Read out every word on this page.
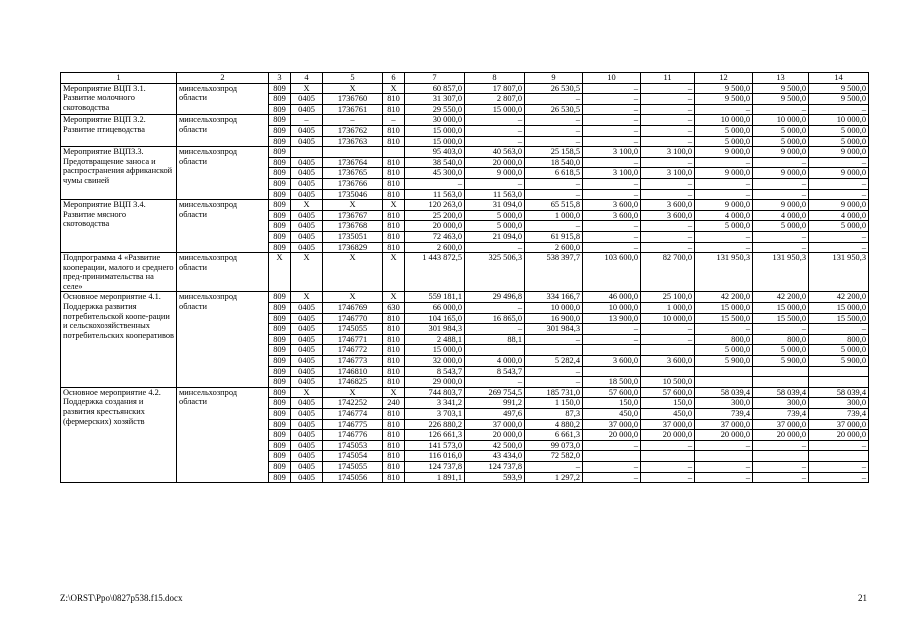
1	2	3	4	5	6	7	8	9	10	11	12	13	14
Мероприятие ВЦП 3.1. Развитие молочного скотоводства	минсельхозпрод области	809	Х	Х	Х	60 857,0	17 807,0	26 530,5	–	–	9 500,0	9 500,0	9 500,0
		809	0405	1736760	810	31 307,0	2 807,0	–	–	–	9 500,0	9 500,0	9 500,0
		809	0405	1736761	810	29 550,0	15 000,0	26 530,5	–	–	–	–	–
Мероприятие ВЦП 3.2. Развитие птицеводства	минсельхозпрод области	809	–	–	–	30 000,0	–	–	–	–	10 000,0	10 000,0	10 000,0
		809	0405	1736762	810	15 000,0	–	–	–	–	5 000,0	5 000,0	5 000,0
		809	0405	1736763	810	15 000,0	–	–	–	–	5 000,0	5 000,0	5 000,0
Мероприятие ВЦП3.3. Предотвращение заноса и распространения африканской чумы свиней	минсельхозпрод области	809				95 403,0	40 563,0	25 158,5	3 100,0	3 100,0	9 000,0	9 000,0	9 000,0
		809	0405	1736764	810	38 540,0	20 000,0	18 540,0	–	–	–	–	–
		809	0405	1736765	810	45 300,0	9 000,0	6 618,5	3 100,0	3 100,0	9 000,0	9 000,0	9 000,0
		809	0405	1736766	810	–	–	–	–	–	–	–	–
		809	0405	1735046	810	11 563,0	11 563,0	–	–	–	–	–	–
Мероприятие ВЦП 3.4. Развитие мясного скотоводства	минсельхозпрод области	809	Х	Х	Х	120 263,0	31 094,0	65 515,8	3 600,0	3 600,0	9 000,0	9 000,0	9 000,0
		809	0405	1736767	810	25 200,0	5 000,0	1 000,0	3 600,0	3 600,0	4 000,0	4 000,0	4 000,0
		809	0405	1736768	810	20 000,0	5 000,0	–	–	–	5 000,0	5 000,0	5 000,0
		809	0405	1735051	810	72 463,0	21 094,0	61 915,8	–	–	–	–	–
		809	0405	1736829	810	2 600,0	–	2 600,0	–	–	–	–	–
Подпрограмма 4 «Развитие кооперации, малого и среднего пред-принимательства на селе»	минсельхозпрод области	Х	Х	Х	Х	1 443 872,5	325 506,3	538 397,7	103 600,0	82 700,0	131 950,3	131 950,3	131 950,3
Основное мероприятие 4.1. Поддержка развития потребительской коопе-рации и сельскохозяйственных потребительских кооперативов	минсельхозпрод области	809	Х	Х	Х	559 181,1	29 496,8	334 166,7	46 000,0	25 100,0	42 200,0	42 200,0	42 200,0
		809	0405	1746769	630	66 000,0	–	10 000,0	10 000,0	1 000,0	15 000,0	15 000,0	15 000,0
		809	0405	1746770	810	104 165,0	16 865,0	16 900,0	13 900,0	10 000,0	15 500,0	15 500,0	15 500,0
		809	0405	1745055	810	301 984,3	–	301 984,3	–	–	–	–	–
		809	0405	1746771	810	2 488,1	88,1	–	–	–	800,0	800,0	800,0
		809	0405	1746772	810	15 000,0					5 000,0	5 000,0	5 000,0
		809	0405	1746773	810	32 000,0	4 000,0	5 282,4	3 600,0	3 600,0	5 900,0	5 900,0	5 900,0
		809	0405	1746810	810	8 543,7	8 543,7	–					
		809	0405	1746825	810	29 000,0	–	–	18 500,0	10 500,0			
Основное мероприятие 4.2. Поддержка создания и развития крестьянских (фермерских) хозяйств	минсельхозпрод области	809	Х	Х	Х	744 803,7	269 754,5	185 731,0	57 600,0	57 600,0	58 039,4	58 039,4	58 039,4
		809	0405	1742252	240	3 341,2	991,2	1 150,0	150,0	150,0	300,0	300,0	300,0
		809	0405	1746774	810	3 703,1	497,6	87,3	450,0	450,0	739,4	739,4	739,4
		809	0405	1746775	810	226 880,2	37 000,0	4 880,2	37 000,0	37 000,0	37 000,0	37 000,0	37 000,0
		809	0405	1746776	810	126 661,3	20 000,0	6 661,3	20 000,0	20 000,0	20 000,0	20 000,0	20 000,0
		809	0405	1745053	810	141 573,0	42 500,0	99 073,0	–	–	–	–	–
		809	0405	1745054	810	116 016,0	43 434,0	72 582,0					
		809	0405	1745055	810	124 737,8	124 737,8	–	–	–	–	–	–
		809	0405	1745056	810	1 891,1	593,9	1 297,2	–	–	–	–	–
Z:\ORST\Ppo\0827p538.f15.docx	21
